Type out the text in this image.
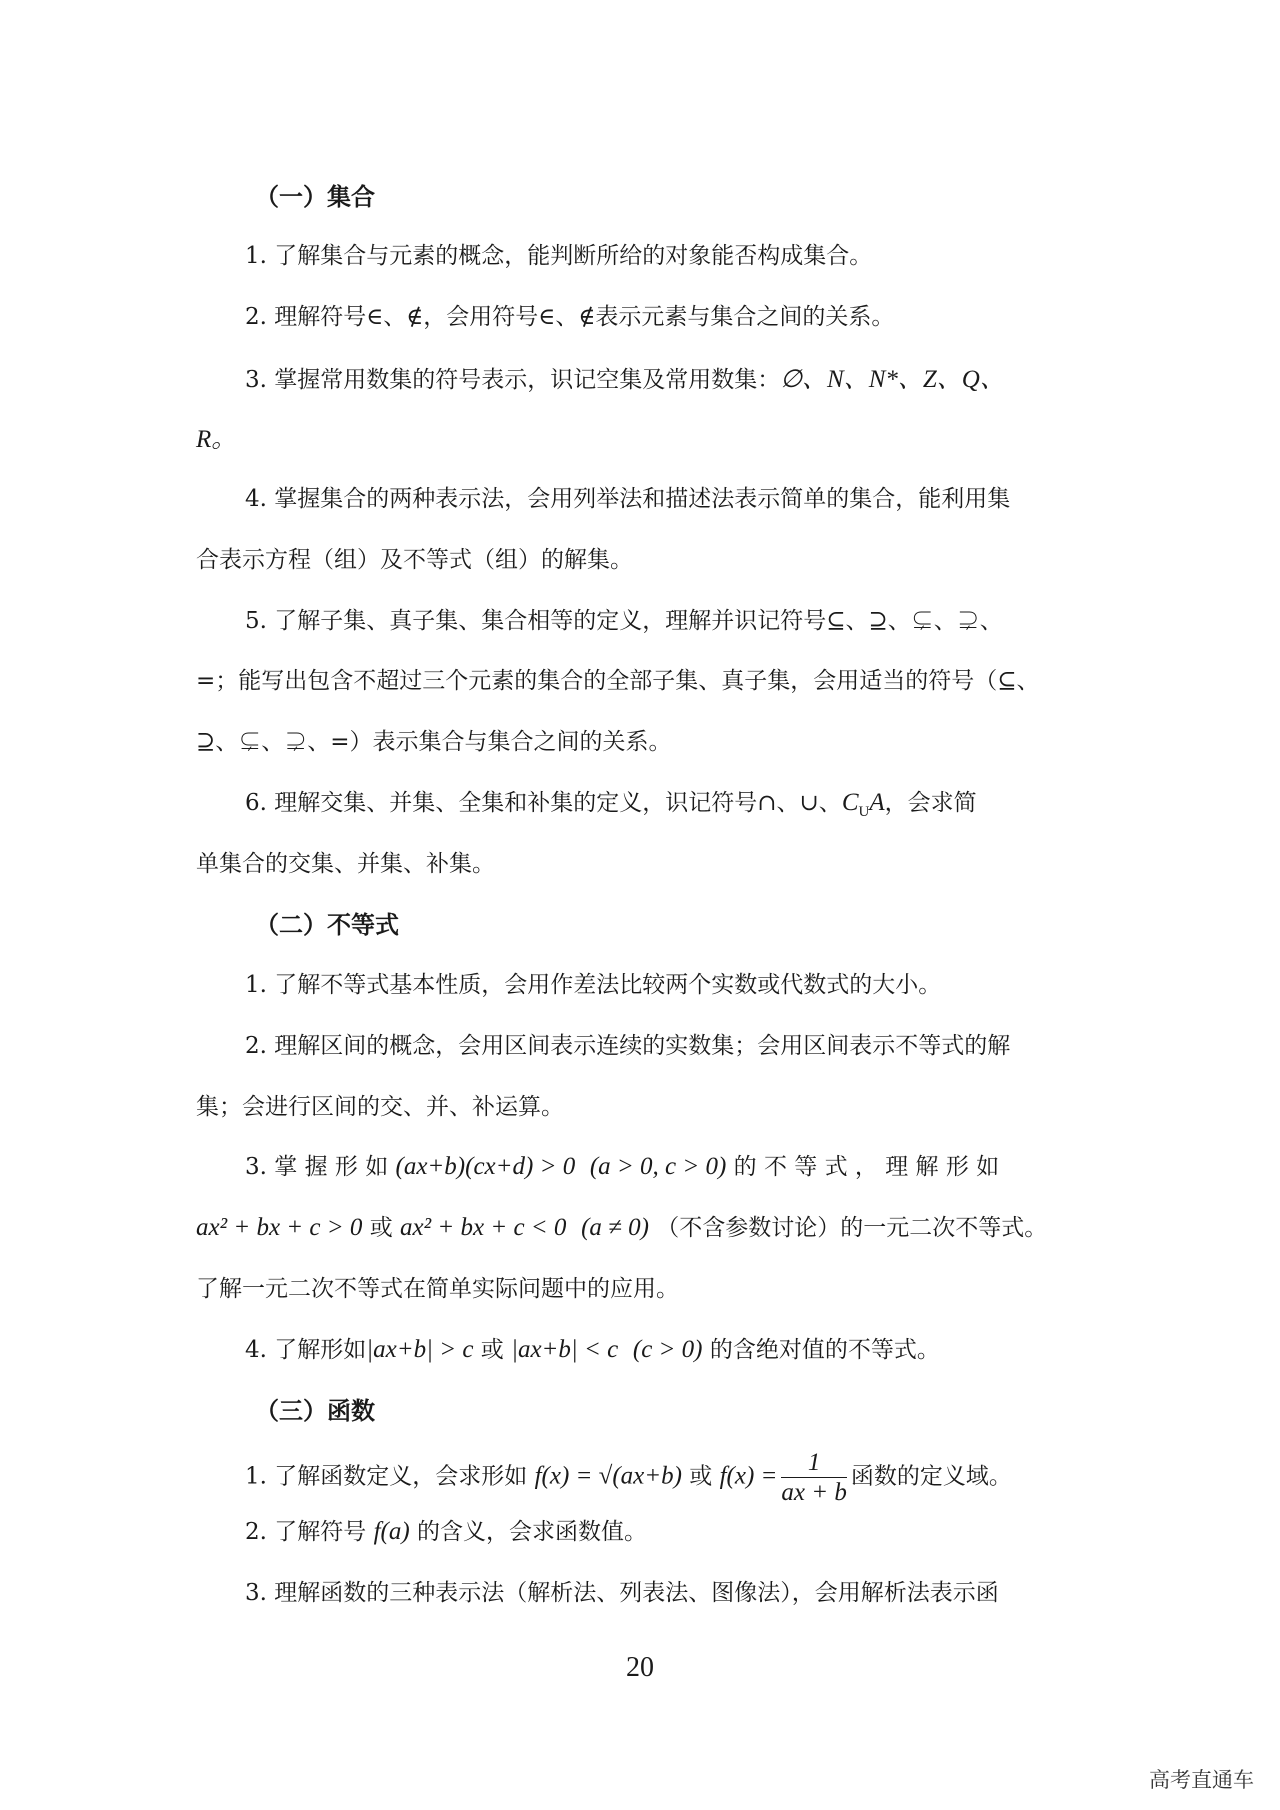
（一）集合
1. 了解集合与元素的概念，能判断所给的对象能否构成集合。
2. 理解符号∈、∉，会用符号∈、∉表示元素与集合之间的关系。
3. 掌握常用数集的符号表示，识记空集及常用数集：∅、N、N*、Z、Q、
R。
4. 掌握集合的两种表示法，会用列举法和描述法表示简单的集合，能利用集
合表示方程（组）及不等式（组）的解集。
5. 了解子集、真子集、集合相等的定义，理解并识记符号⊆、⊇、⊊、⊋、
=；能写出包含不超过三个元素的集合的全部子集、真子集，会用适当的符号（⊆、
⊇、⊊、⊋、=）表示集合与集合之间的关系。
6. 理解交集、并集、全集和补集的定义，识记符号∩、∪、$C_UA$，会求简
单集合的交集、并集、补集。
（二）不等式
1. 了解不等式基本性质，会用作差法比较两个实数或代数式的大小。
2. 理解区间的概念，会用区间表示连续的实数集；会用区间表示不等式的解
集；会进行区间的交、并、补运算。
3. 掌 握 形 如 (ax+b)(cx+d) > 0 (a > 0, c > 0) 的 不 等 式 ， 理 解 形 如
ax² + bx + c > 0 或 ax² + bx + c < 0 (a ≠ 0) （不含参数讨论）的一元二次不等式。
了解一元二次不等式在简单实际问题中的应用。
4. 了解形如|ax+b| > c 或 |ax+b| < c (c > 0) 的含绝对值的不等式。
（三）函数
1. 了解函数定义，会求形如 f(x) = √(ax+b) 或 $f(x) = \frac{1}{ax + b}$ 函数的定义域。
2. 了解符号 f(a) 的含义，会求函数值。
3. 理解函数的三种表示法（解析法、列表法、图像法），会用解析法表示函
20
高考直通车
